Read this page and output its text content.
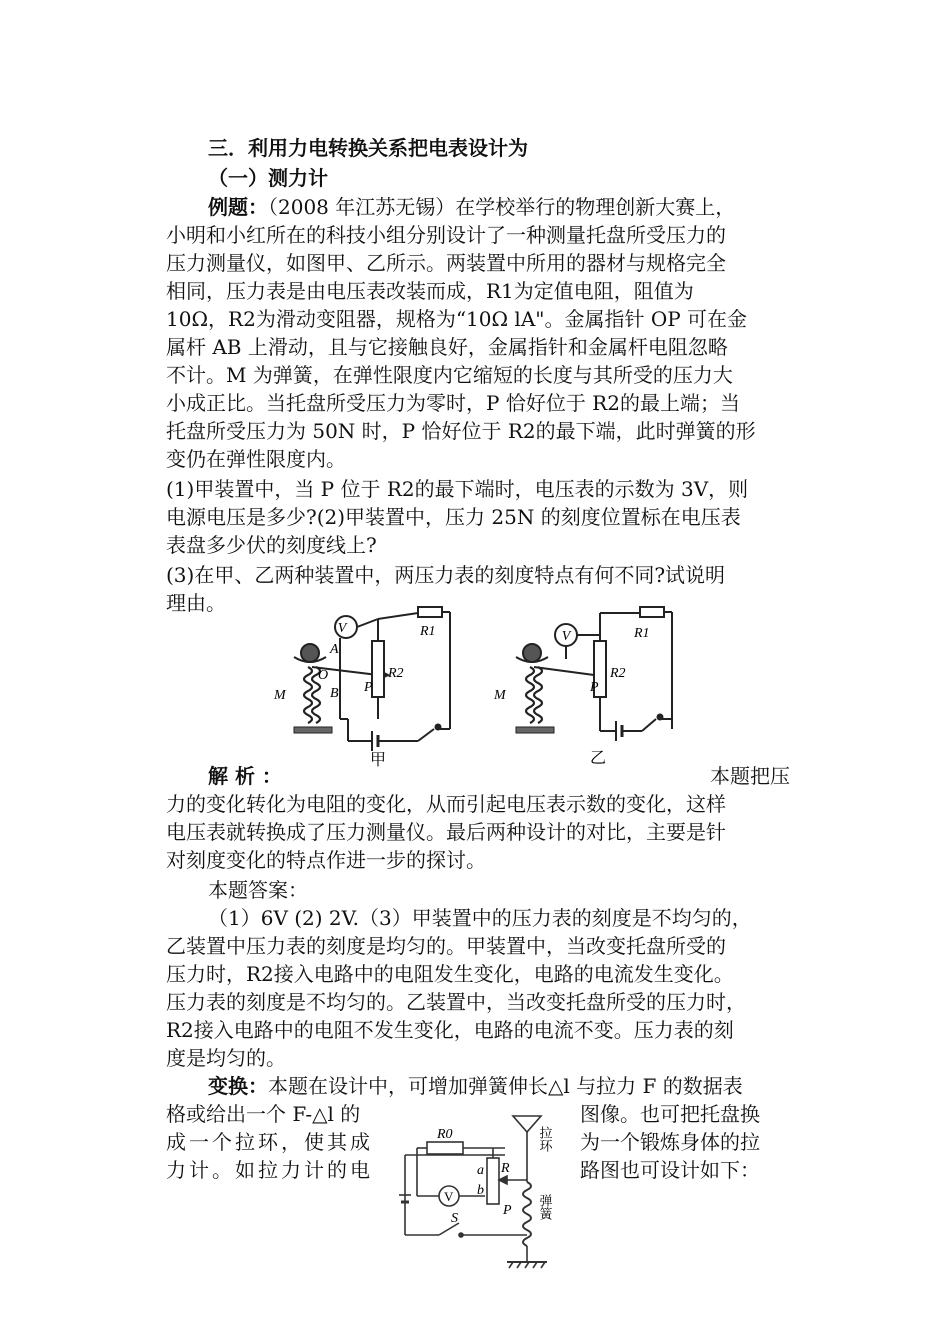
三．利用力电转换关系把电表设计为
（一）测力计
例题：（2008 年江苏无锡）在学校举行的物理创新大赛上，
小明和小红所在的科技小组分别设计了一种测量托盘所受压力的
压力测量仪，如图甲、乙所示。两装置中所用的器材与规格完全
相同，压力表是由电压表改装而成，R1为定值电阻，阻值为
10Ω，R2为滑动变阻器，规格为“10Ω lA"。金属指针 OP 可在金
属杆 AB 上滑动，且与它接触良好，金属指针和金属杆电阻忽略
不计。M 为弹簧，在弹性限度内它缩短的长度与其所受的压力大
小成正比。当托盘所受压力为零时，P 恰好位于 R2的最上端；当
托盘所受压力为 50N 时，P 恰好位于 R2的最下端，此时弹簧的形
变仍在弹性限度内。
(1)甲装置中，当 P 位于 R2的最下端时，电压表的示数为 3V，则
电源电压是多少?(2)甲装置中，压力 25N 的刻度位置标在电压表
表盘多少伏的刻度线上?
(3)在甲、乙两种装置中，两压力表的刻度特点有何不同?试说明
理由。
V	R1
R2
A
B
O
P
M
甲
V	R1
R2
P
M
乙
解 析 ：	本题把压
力的变化转化为电阻的变化，从而引起电压表示数的变化，这样
电压表就转换成了压力测量仪。最后两种设计的对比，主要是针
对刻度变化的特点作进一步的探讨。
本题答案：
（1）6V (2) 2V.（3）甲装置中的压力表的刻度是不均匀的，
乙装置中压力表的刻度是均匀的。甲装置中，当改变托盘所受的
压力时，R2接入电路中的电阻发生变化，电路的电流发生变化。
压力表的刻度是不均匀的。乙装置中，当改变托盘所受的压力时，
R2接入电路中的电阻不发生变化，电路的电流不变。压力表的刻
度是均匀的。
变换：本题在设计中，可增加弹簧伸长△l 与拉力 F 的数据表
格或给出一个 F-△l 的
成一个拉环，使其成
力计。如拉力计的电
图像。也可把托盘换
为一个锻炼身体的拉
路图也可设计如下：
R0
V
a
b
R
P
S
拉环
弹簧
